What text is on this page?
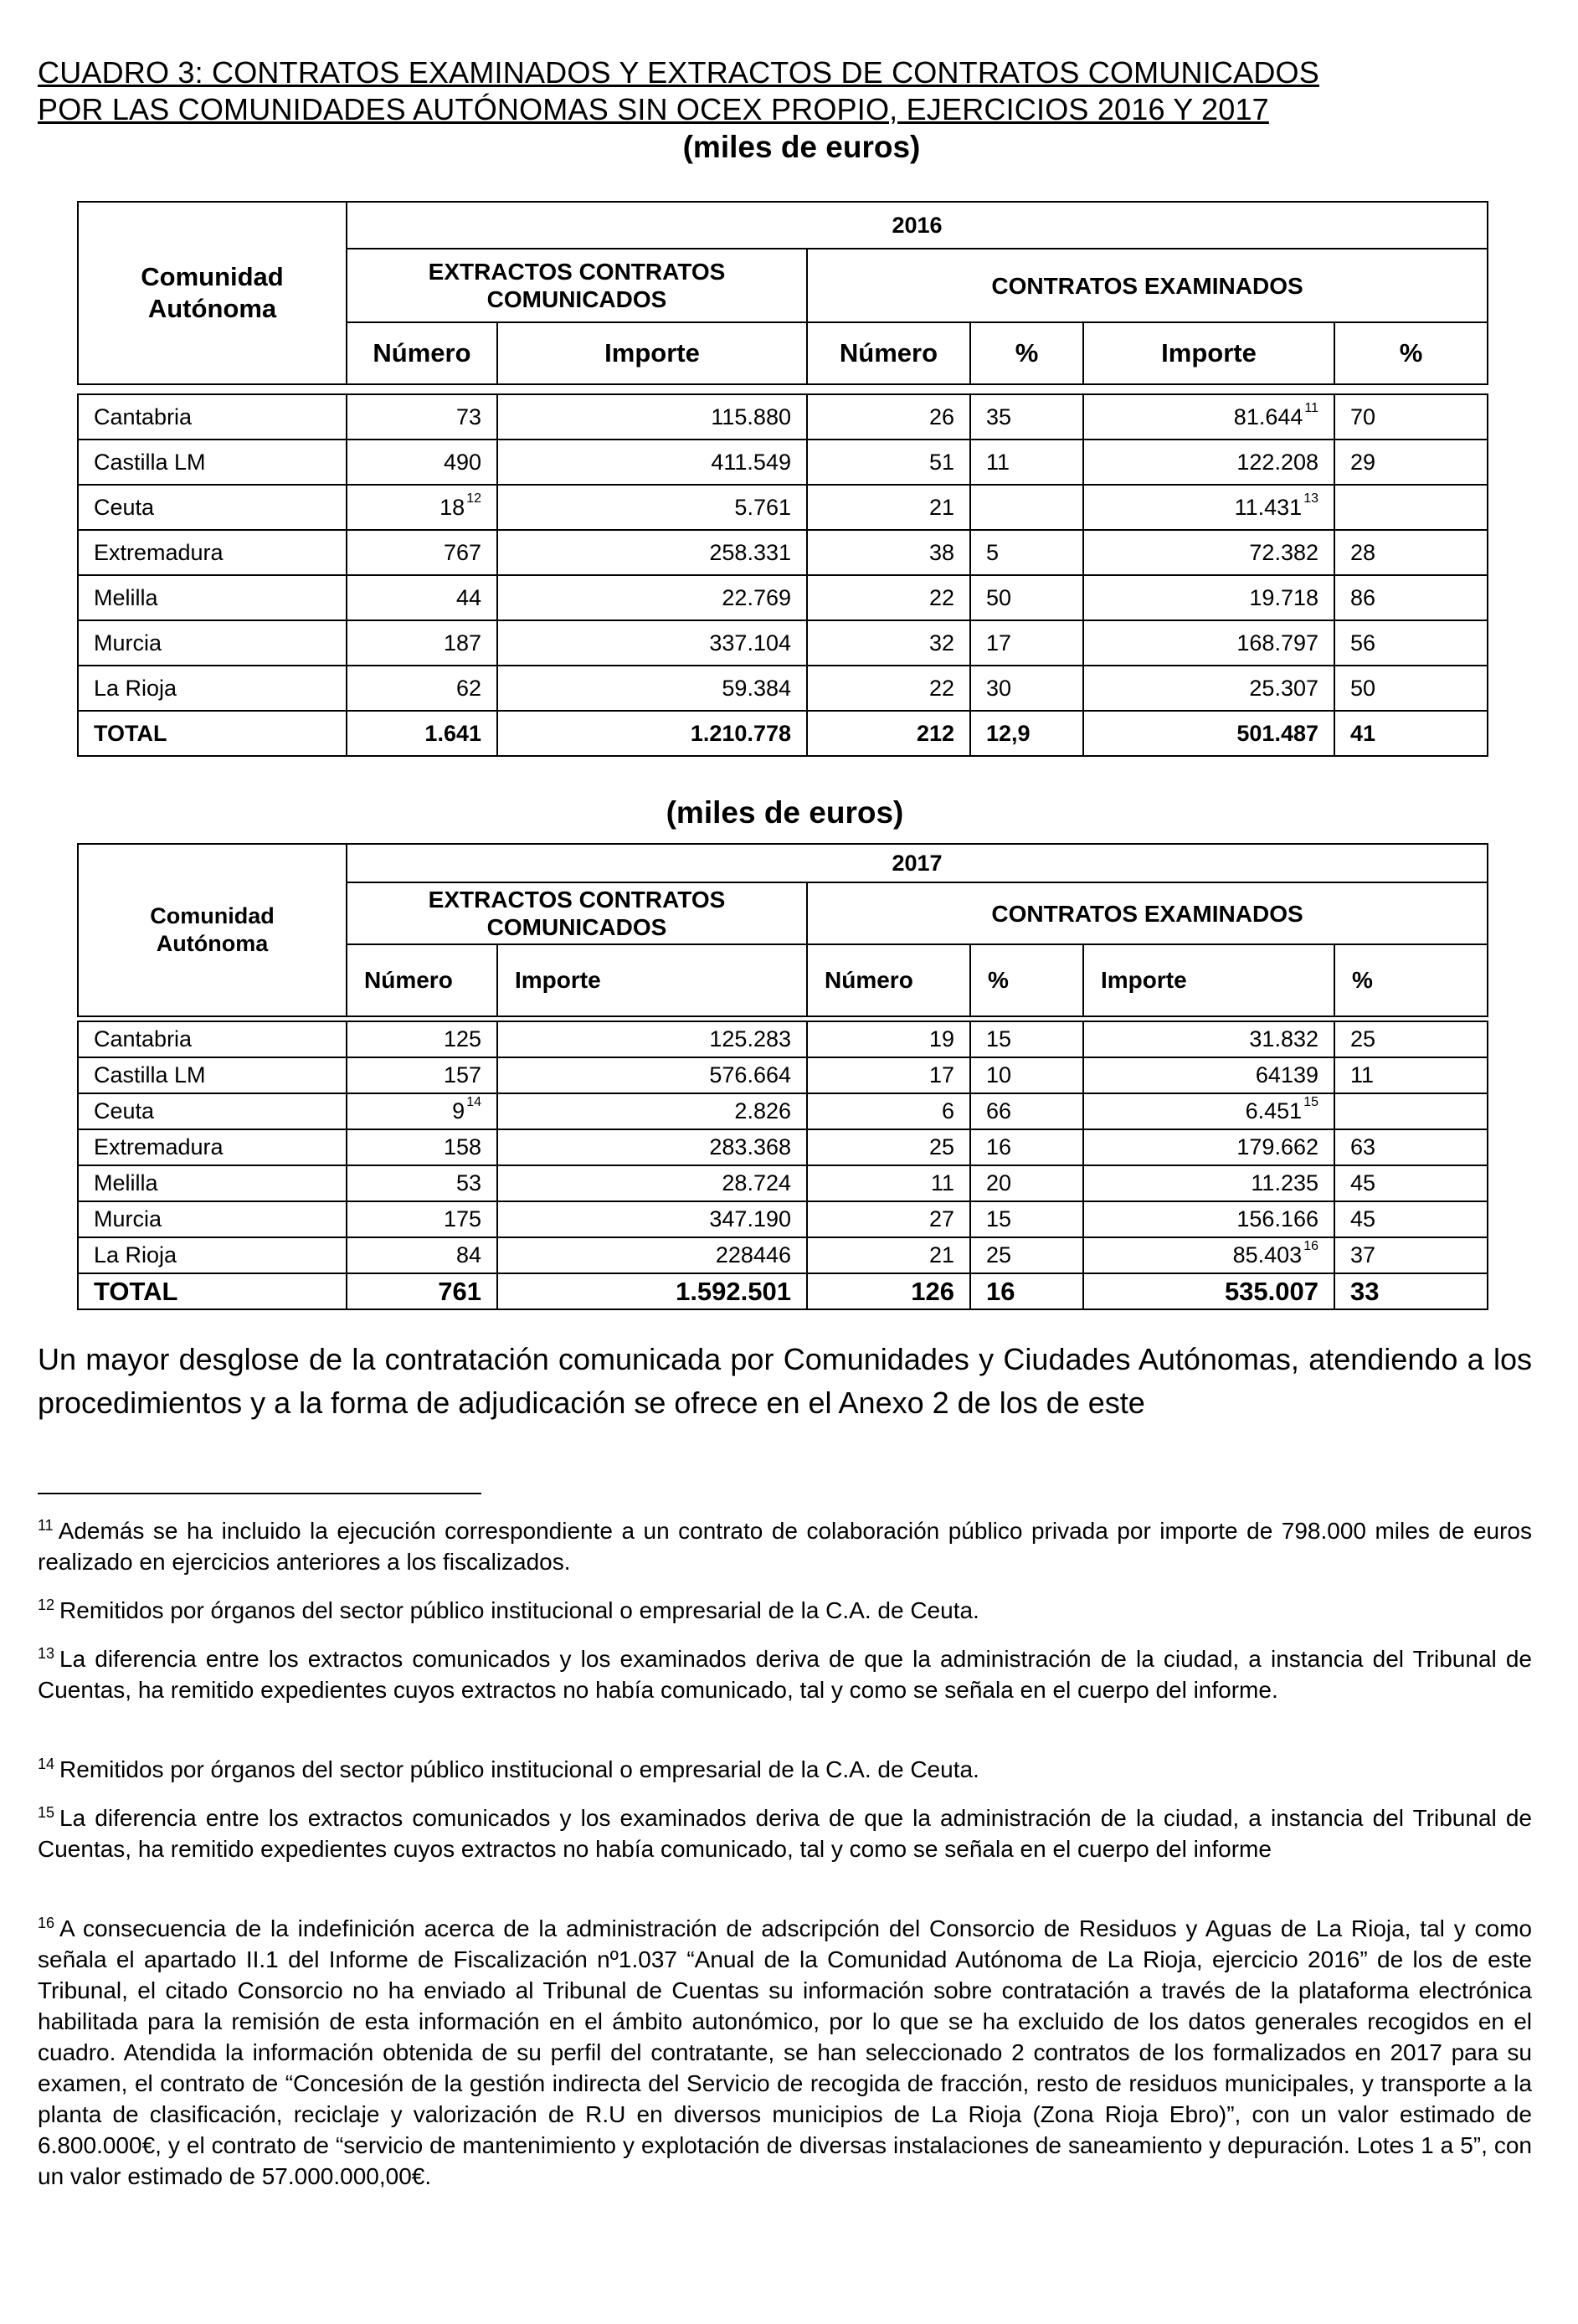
CUADRO 3: CONTRATOS EXAMINADOS Y EXTRACTOS DE CONTRATOS COMUNICADOS
POR LAS COMUNIDADES AUTÓNOMAS SIN OCEX PROPIO, EJERCICIOS 2016 Y 2017
(miles de euros)
Comunidad Autónoma	2016					
	EXTRACTOS CONTRATOS COMUNICADOS		CONTRATOS EXAMINADOS			
	Número	Importe	Número	%	Importe	%

Cantabria	73	115.880	26	35	81.644 $^{11}$	70
Castilla LM	490	411.549	51	11	122.208	29
Ceuta	18 $^{12}$	5.761	21		11.431 $^{13}$	
Extremadura	767	258.331	38	5	72.382	28
Melilla	44	22.769	22	50	19.718	86
Murcia	187	337.104	32	17	168.797	56
La Rioja	62	59.384	22	30	25.307	50
TOTAL	1.641	1.210.778	212	12,9	501.487	41
(miles de euros)
Comunidad Autónoma	2017					
	EXTRACTOS CONTRATOS COMUNICADOS		CONTRATOS EXAMINADOS			
	Número	Importe	Número	%	Importe	%

Cantabria	125	125.283	19	15	31.832	25
Castilla LM	157	576.664	17	10	64139	11
Ceuta	9 $^{14}$	2.826	6	66	6.451 $^{15}$	
Extremadura	158	283.368	25	16	179.662	63
Melilla	53	28.724	11	20	11.235	45
Murcia	175	347.190	27	15	156.166	45
La Rioja	84	228446	21	25	85.403 $^{16}$	37
TOTAL	761	1.592.501	126	16	535.007	33
Un mayor desglose de la contratación comunicada por Comunidades y Ciudades Autónomas, atendiendo a los procedimientos y a la forma de adjudicación se ofrece en el Anexo 2 de los de este
$^{11}$ Además se ha incluido la ejecución correspondiente a un contrato de colaboración público privada por importe de 798.000 miles de euros realizado en ejercicios anteriores a los fiscalizados.
$^{12}$ Remitidos por órganos del sector público institucional o empresarial de la C.A. de Ceuta.
$^{13}$ La diferencia entre los extractos comunicados y los examinados deriva de que la administración de la ciudad, a instancia del Tribunal de Cuentas, ha remitido expedientes cuyos extractos no había comunicado, tal y como se señala en el cuerpo del informe.
$^{14}$ Remitidos por órganos del sector público institucional o empresarial de la C.A. de Ceuta.
$^{15}$ La diferencia entre los extractos comunicados y los examinados deriva de que la administración de la ciudad, a instancia del Tribunal de Cuentas, ha remitido expedientes cuyos extractos no había comunicado, tal y como se señala en el cuerpo del informe
$^{16}$ A consecuencia de la indefinición acerca de la administración de adscripción del Consorcio de Residuos y Aguas de La Rioja, tal y como señala el apartado II.1 del Informe de Fiscalización nº1.037 “Anual de la Comunidad Autónoma de La Rioja, ejercicio 2016” de los de este Tribunal, el citado Consorcio no ha enviado al Tribunal de Cuentas su información sobre contratación a través de la plataforma electrónica habilitada para la remisión de esta información en el ámbito autonómico, por lo que se ha excluido de los datos generales recogidos en el cuadro. Atendida la información obtenida de su perfil del contratante, se han seleccionado 2 contratos de los formalizados en 2017 para su examen, el contrato de “Concesión de la gestión indirecta del Servicio de recogida de fracción, resto de residuos municipales, y transporte a la planta de clasificación, reciclaje y valorización de R.U en diversos municipios de La Rioja (Zona Rioja Ebro)”, con un valor estimado de 6.800.000€, y el contrato de “servicio de mantenimiento y explotación de diversas instalaciones de saneamiento y depuración. Lotes 1 a 5”, con un valor estimado de 57.000.000,00€.
